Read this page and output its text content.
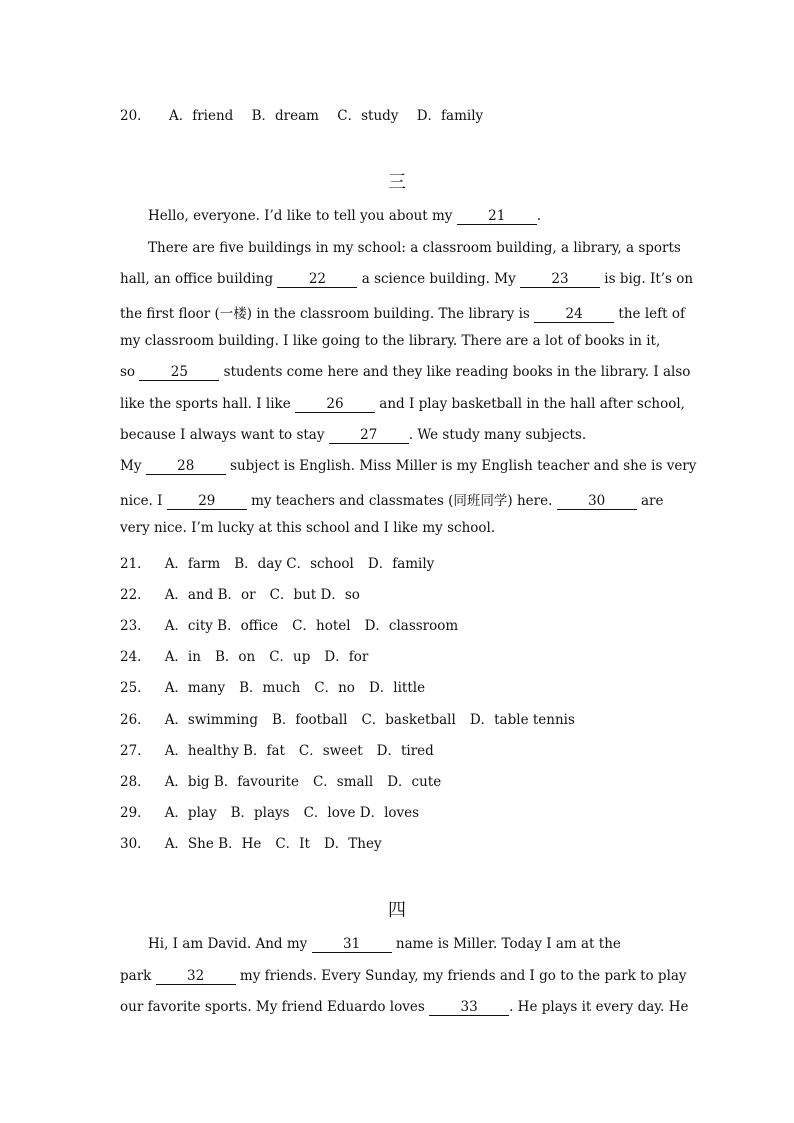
20． A．friend B．dream C．study D．family
三
Hello, everyone. I’d like to tell you about my 21 .
There are five buildings in my school: a classroom building, a library, a sports
hall, an office building 22 a science building. My 23 is big. It’s on
the first floor (一楼) in the classroom building. The library is 24 the left of
my classroom building. I like going to the library. There are a lot of books in it,
so 25 students come here and they like reading books in the library. I also
like the sports hall. I like 26 and I play basketball in the hall after school,
because I always want to stay 27 . We study many subjects.
My 28 subject is English. Miss Miller is my English teacher and she is very
nice. I 29 my teachers and classmates (同班同学) here. 30 are
very nice. I’m lucky at this school and I like my school.
21． A．farm B．day C．school D．family
22． A．and B．or C．but D．so
23． A．city B．office C．hotel D．classroom
24． A．in B．on C．up D．for
25． A．many B．much C．no D．little
26． A．swimming B．football C．basketball D．table tennis
27． A．healthy B．fat C．sweet D．tired
28． A．big B．favourite C．small D．cute
29． A．play B．plays C．love D．loves
30． A．She B．He C．It D．They
四
Hi, I am David. And my 31 name is Miller. Today I am at the
park 32 my friends. Every Sunday, my friends and I go to the park to play
our favorite sports. My friend Eduardo loves 33 . He plays it every day. He
